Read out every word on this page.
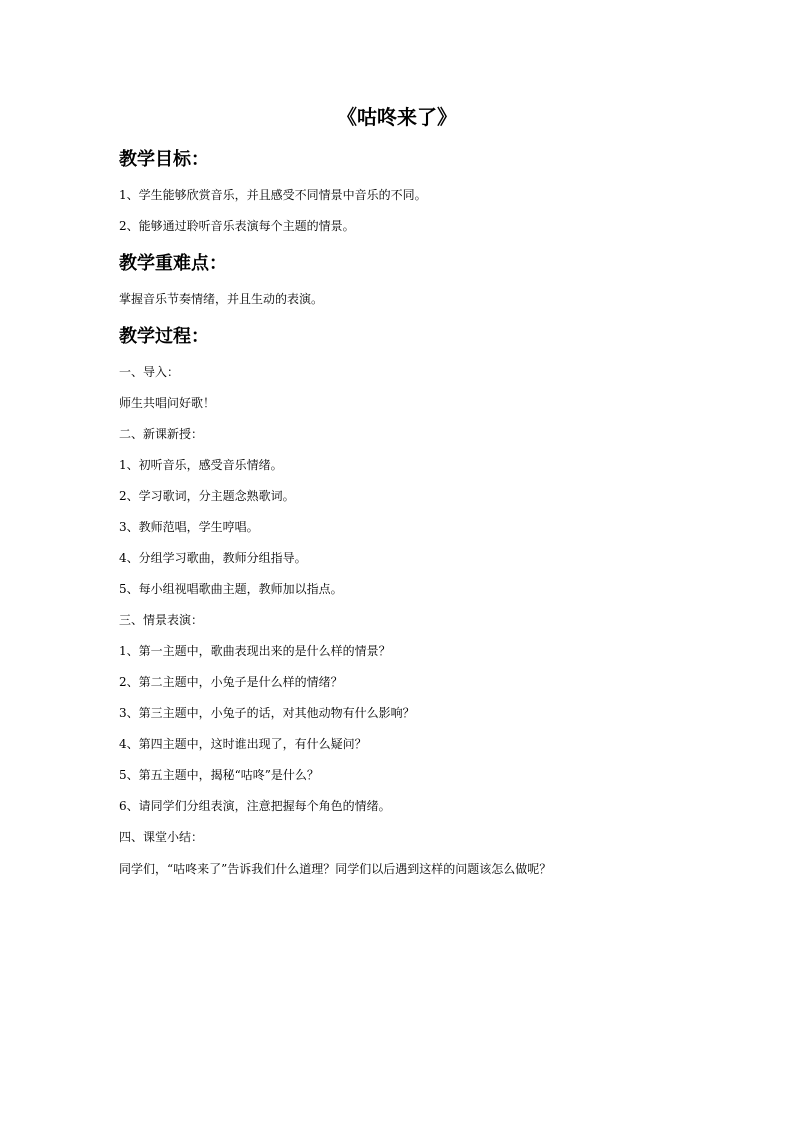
《咕咚来了》
教学目标：
1、学生能够欣赏音乐，并且感受不同情景中音乐的不同。
2、能够通过聆听音乐表演每个主题的情景。
教学重难点：
掌握音乐节奏情绪，并且生动的表演。
教学过程：
一、导入：
师生共唱问好歌！
二、新课新授：
1、初听音乐，感受音乐情绪。
2、学习歌词，分主题念熟歌词。
3、教师范唱，学生哼唱。
4、分组学习歌曲，教师分组指导。
5、每小组视唱歌曲主题，教师加以指点。
三、情景表演：
1、第一主题中，歌曲表现出来的是什么样的情景？
2、第二主题中，小兔子是什么样的情绪？
3、第三主题中，小兔子的话，对其他动物有什么影响？
4、第四主题中，这时谁出现了，有什么疑问？
5、第五主题中，揭秘“咕咚”是什么？
6、请同学们分组表演，注意把握每个角色的情绪。
四、课堂小结：
同学们，“咕咚来了”告诉我们什么道理？同学们以后遇到这样的问题该怎么做呢？
